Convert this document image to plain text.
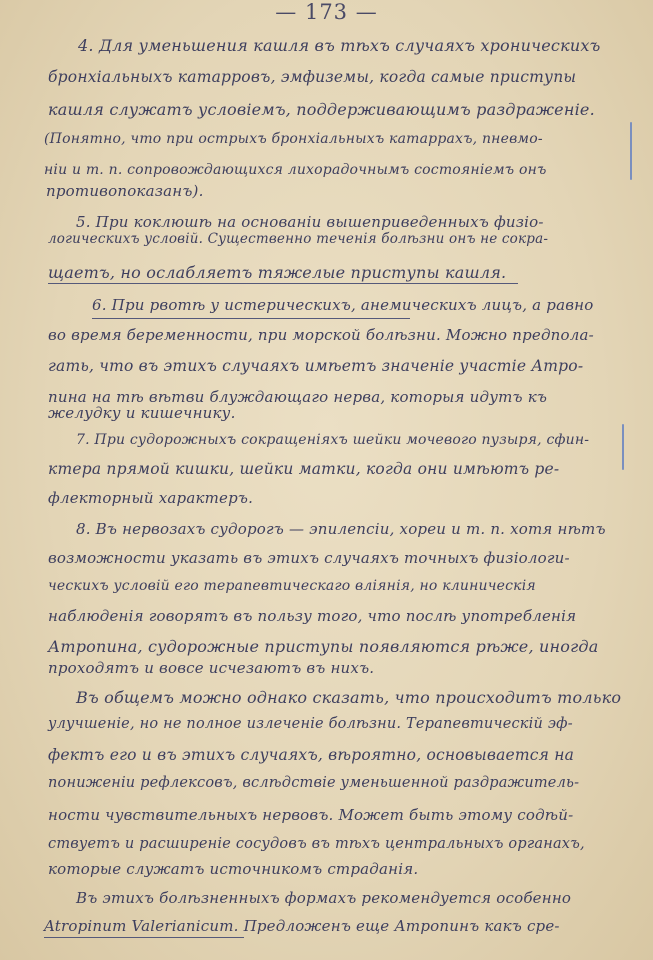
— 173 —
4. Для уменьшения кашля въ тѣхъ случаяхъ хроническихъ
бронхіальныхъ катарровъ, эмфиземы, когда самые приступы
кашля служатъ условіемъ, поддерживающимъ раздраженіе.
(Понятно, что при острыхъ бронхіальныхъ катаррахъ, пневмо-
ніи и т. п. сопровождающихся лихорадочнымъ состояніемъ онъ
противопоказанъ).
5. При коклюшѣ на основаніи вышеприведенныхъ физіо-
логическихъ условій. Существенно теченія болѣзни онъ не сокра-
щаетъ, но ослабляетъ тяжелые приступы кашля.
6. При рвотѣ у истерическихъ, анемическихъ лицъ, а равно
во время беременности, при морской болѣзни. Можно предпола-
гать, что въ этихъ случаяхъ имѣетъ значеніе участіе Атро-
пина на тѣ вѣтви блуждающаго нерва, которыя идутъ къ
желудку и кишечнику.
7. При судорожныхъ сокращеніяхъ шейки мочевого пузыря, сфин-
ктера прямой кишки, шейки матки, когда они имѣютъ ре-
флекторный характеръ.
8. Въ нервозахъ судорогъ — эпилепсіи, хореи и т. п. хотя нѣтъ
возможности указать въ этихъ случаяхъ точныхъ физіологи-
ческихъ условій его терапевтическаго вліянія, но клиническія
наблюденія говорятъ въ пользу того, что послѣ употребленія
Атропина, судорожные приступы появляются рѣже, иногда
проходятъ и вовсе исчезаютъ въ нихъ.
Въ общемъ можно однако сказать, что происходитъ только
улучшеніе, но не полное излеченіе болѣзни. Терапевтическій эф-
фектъ его и въ этихъ случаяхъ, вѣроятно, основывается на
пониженіи рефлексовъ, вслѣдствіе уменьшенной раздражитель-
ности чувствительныхъ нервовъ. Может быть этому содѣй-
ствуетъ и расширеніе сосудовъ въ тѣхъ центральныхъ органахъ,
которые служатъ источникомъ страданія.
Въ этихъ болѣзненныхъ формахъ рекомендуется особенно
Atropinum Valerianicum. Предложенъ еще Атропинъ какъ сре-
